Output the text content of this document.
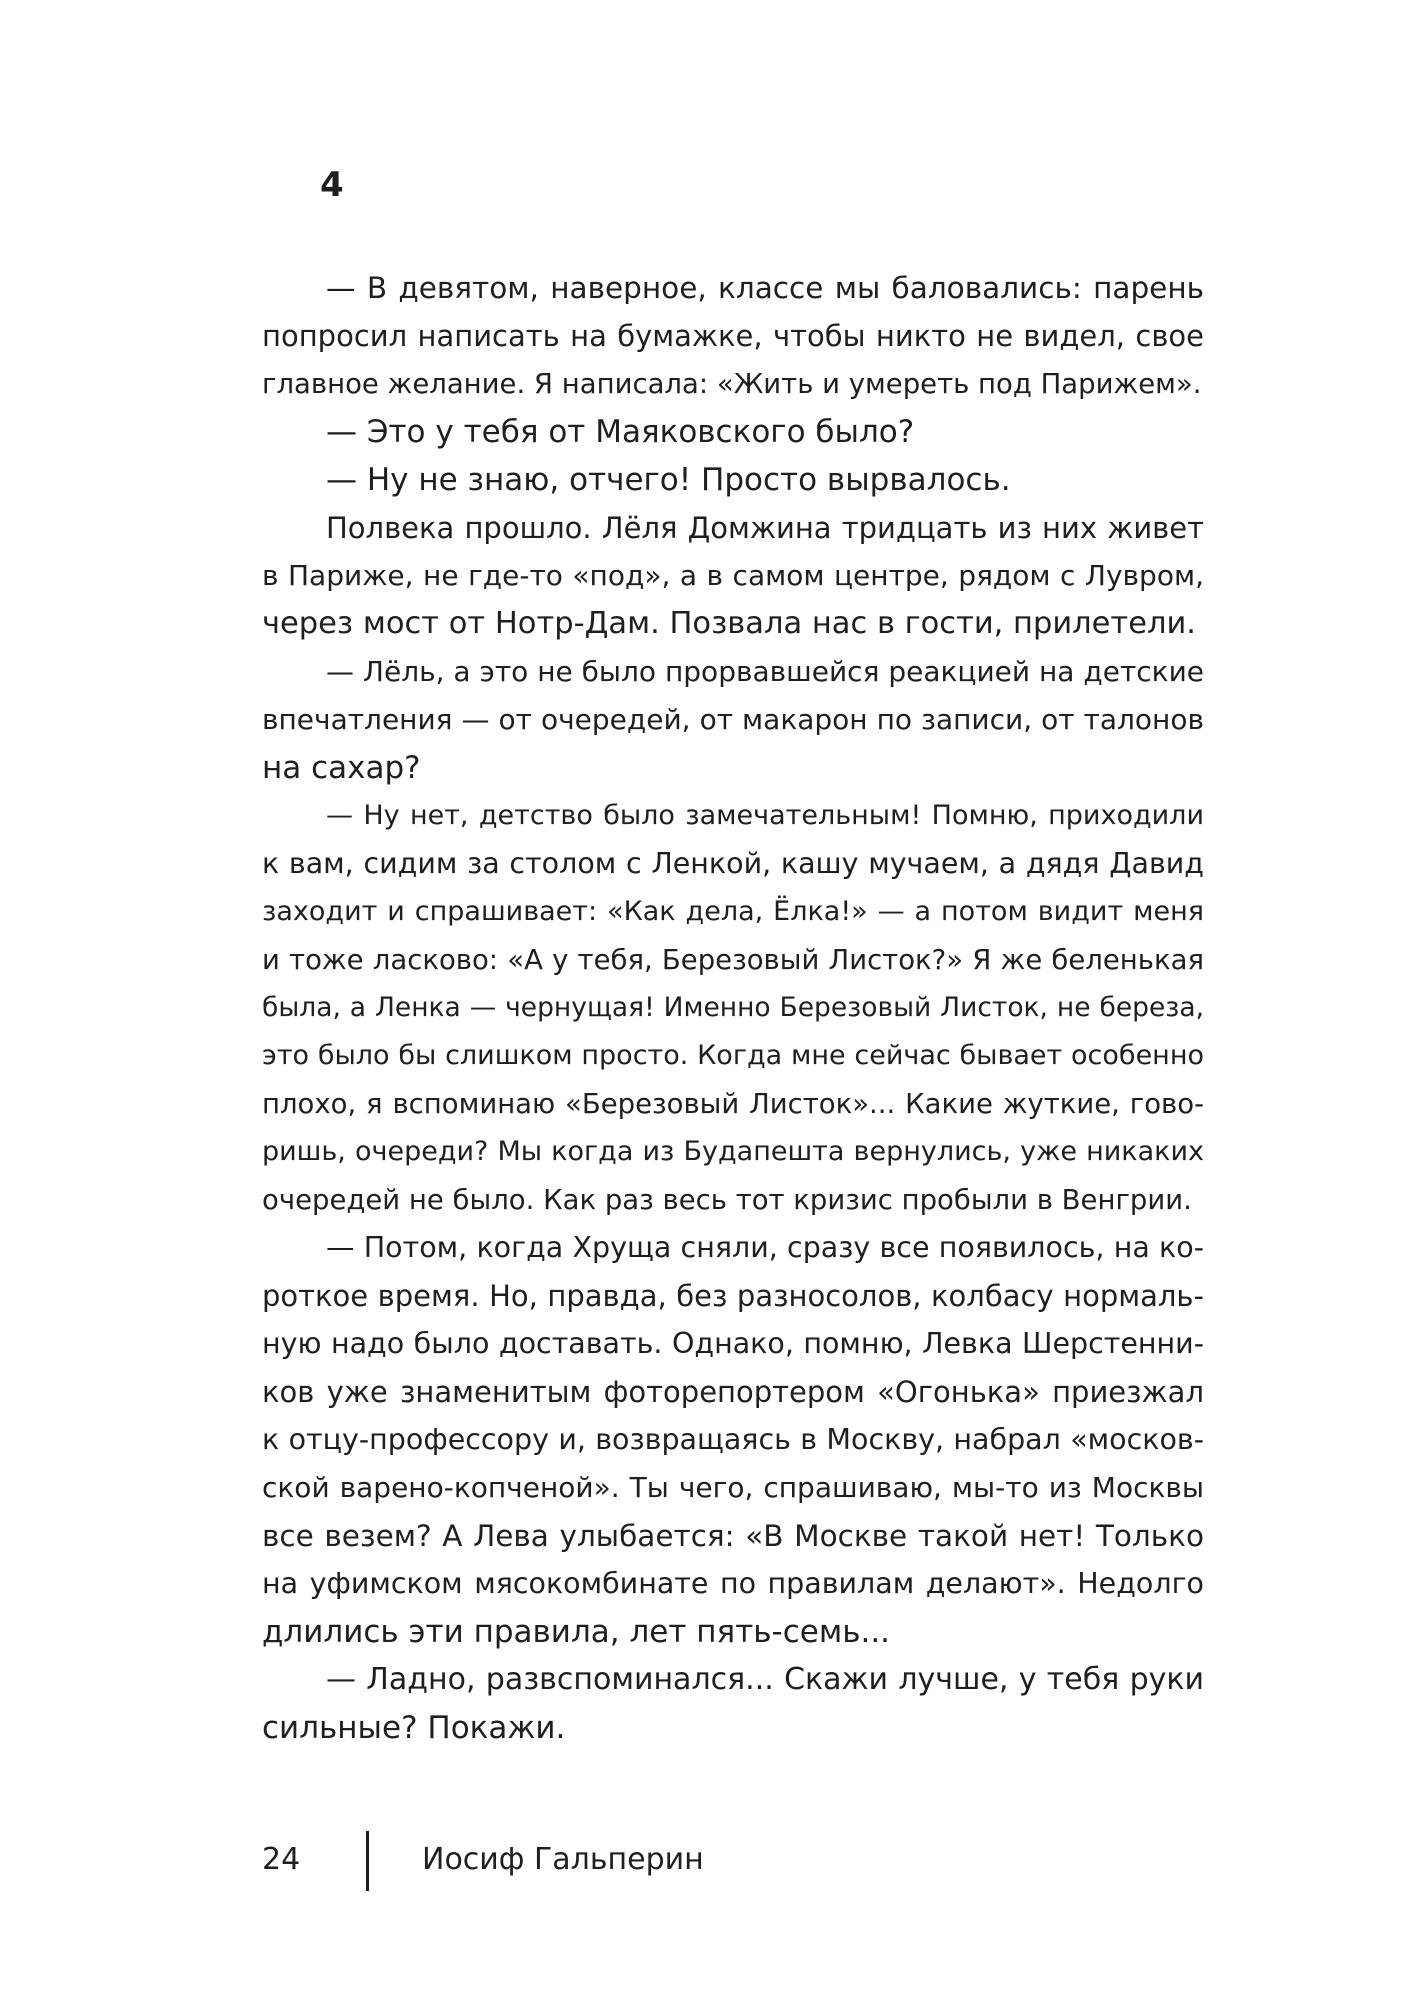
4
— В девятом, наверное, классе мы баловались: парень
попросил написать на бумажке, чтобы никто не видел, свое
главное желание. Я написала: «Жить и умереть под Парижем».
— Это у тебя от Маяковского было?
— Ну не знаю, отчего! Просто вырвалось.
Полвека прошло. Лёля Домжина тридцать из них живет
в Париже, не где-то «под», а в самом центре, рядом с Лувром,
через мост от Нотр-Дам. Позвала нас в гости, прилетели.
— Лёль, а это не было прорвавшейся реакцией на детские
впечатления — от очередей, от макарон по записи, от талонов
на сахар?
— Ну нет, детство было замечательным! Помню, приходили
к вам, сидим за столом с Ленкой, кашу мучаем, а дядя Давид
заходит и спрашивает: «Как дела, Ёлка!» — а потом видит меня
и тоже ласково: «А у тебя, Березовый Листок?» Я же беленькая
была, а Ленка — чернущая! Именно Березовый Листок, не береза,
это было бы слишком просто. Когда мне сейчас бывает особенно
плохо, я вспоминаю «Березовый Листок»... Какие жуткие, гово-
ришь, очереди? Мы когда из Будапешта вернулись, уже никаких
очередей не было. Как раз весь тот кризис пробыли в Венгрии.
— Потом, когда Хруща сняли, сразу все появилось, на ко-
роткое время. Но, правда, без разносолов, колбасу нормаль-
ную надо было доставать. Однако, помню, Левка Шерстенни-
ков уже знаменитым фоторепортером «Огонька» приезжал
к отцу-профессору и, возвращаясь в Москву, набрал «москов-
ской варено-копченой». Ты чего, спрашиваю, мы-то из Москвы
все везем? А Лева улыбается: «В Москве такой нет! Только
на уфимском мясокомбинате по правилам делают». Недолго
длились эти правила, лет пять-семь...
— Ладно, развспоминался... Скажи лучше, у тебя руки
сильные? Покажи.
24	Иосиф Гальперин
